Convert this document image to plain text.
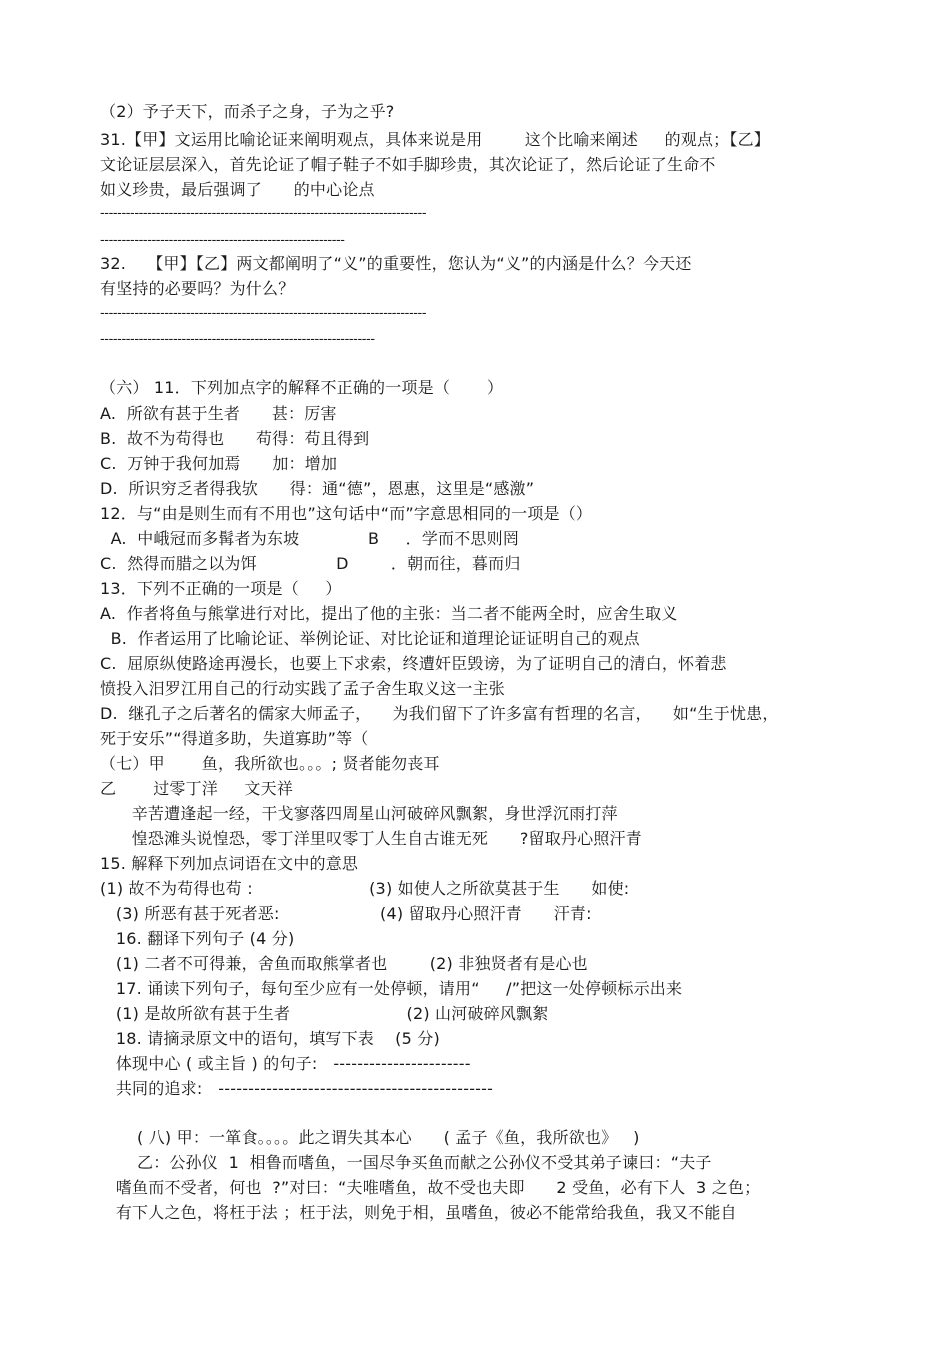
（2）予子天下，而杀子之身，子为之乎?
31.【甲】文运用比喻论证来阐明观点，具体来说是用        这个比喻来阐述     的观点；【乙】
文论证层层深入，首先论证了帽子鞋子不如手脚珍贵，其次论证了，然后论证了生命不
如义珍贵，最后强调了      的中心论点
----------------------------------------------------------------------------
---------------------------------------------------------
32.    【甲】【乙】两文都阐明了“义”的重要性，您认为“义”的内涵是什么？今天还
有坚持的必要吗？为什么？
----------------------------------------------------------------------------
----------------------------------------------------------------
（六） 11．下列加点字的解释不正确的一项是（       ）
A.  所欲有甚于生者      甚：厉害
B.  故不为苟得也      苟得：苟且得到
C.  万钟于我何加焉      加：增加
D.  所识穷乏者得我欤      得：通“德”，恩惠，这里是“感激”
12．与“由是则生而有不用也”这句话中“而”字意思相同的一项是（）
A.  中峨冠而多髯者为东坡             B     ．学而不思则罔
C.  然得而腊之以为饵               D        ．朝而往，暮而归
13．下列不正确的一项是（     ）
A.  作者将鱼与熊掌进行对比，提出了他的主张：当二者不能两全时，应舍生取义
B.  作者运用了比喻论证、举例论证、对比论证和道理论证证明自己的观点
C.  屈原纵使路途再漫长，也要上下求索，终遭奸臣毁谤，为了证明自己的清白，怀着悲
愤投入汨罗江用自己的行动实践了孟子舍生取义这一主张
D.  继孔子之后著名的儒家大师孟子，    为我们留下了许多富有哲理的名言，    如“生于忧患，
死于安乐”“得道多助，失道寡助”等（
（七）甲       鱼，我所欲也。。。; 贤者能勿丧耳
乙       过零丁洋     文天祥
辛苦遭逢起一经，干戈寥落四周星山河破碎风飘絮，身世浮沉雨打萍
惶恐滩头说惶恐，零丁洋里叹零丁人生自古谁无死      ?留取丹心照汗青
15. 解释下列加点词语在文中的意思
(1) 故不为苟得也苟 :                      (3) 如使人之所欲莫甚于生      如使:
(3) 所恶有甚于死者恶:                   (4) 留取丹心照汗青      汗青:
16. 翻译下列句子 (4 分)
(1) 二者不可得兼，舍鱼而取熊掌者也        (2) 非独贤者有是心也
17. 诵读下列句子，每句至少应有一处停顿，请用“     /”把这一处停顿标示出来
(1) 是故所欲有甚于生者                      (2) 山河破碎风飘絮
18. 请摘录原文中的语句，填写下表    (5 分)
体现中心 ( 或主旨 ) 的句子:   -----------------------
共同的追求:   ----------------------------------------------
( 八) 甲：一箪食。。。。此之谓失其本心      ( 孟子《鱼，我所欲也》   )
乙：公孙仪  1  相鲁而嗜鱼，一国尽争买鱼而献之公孙仪不受其弟子谏曰：“夫子
嗜鱼而不受者，何也  ?”对曰：“夫唯嗜鱼，故不受也夫即      2 受鱼，必有下人  3 之色；
有下人之色，将枉于法 ；枉于法，则免于相，虽嗜鱼，彼必不能常给我鱼，我又不能自
